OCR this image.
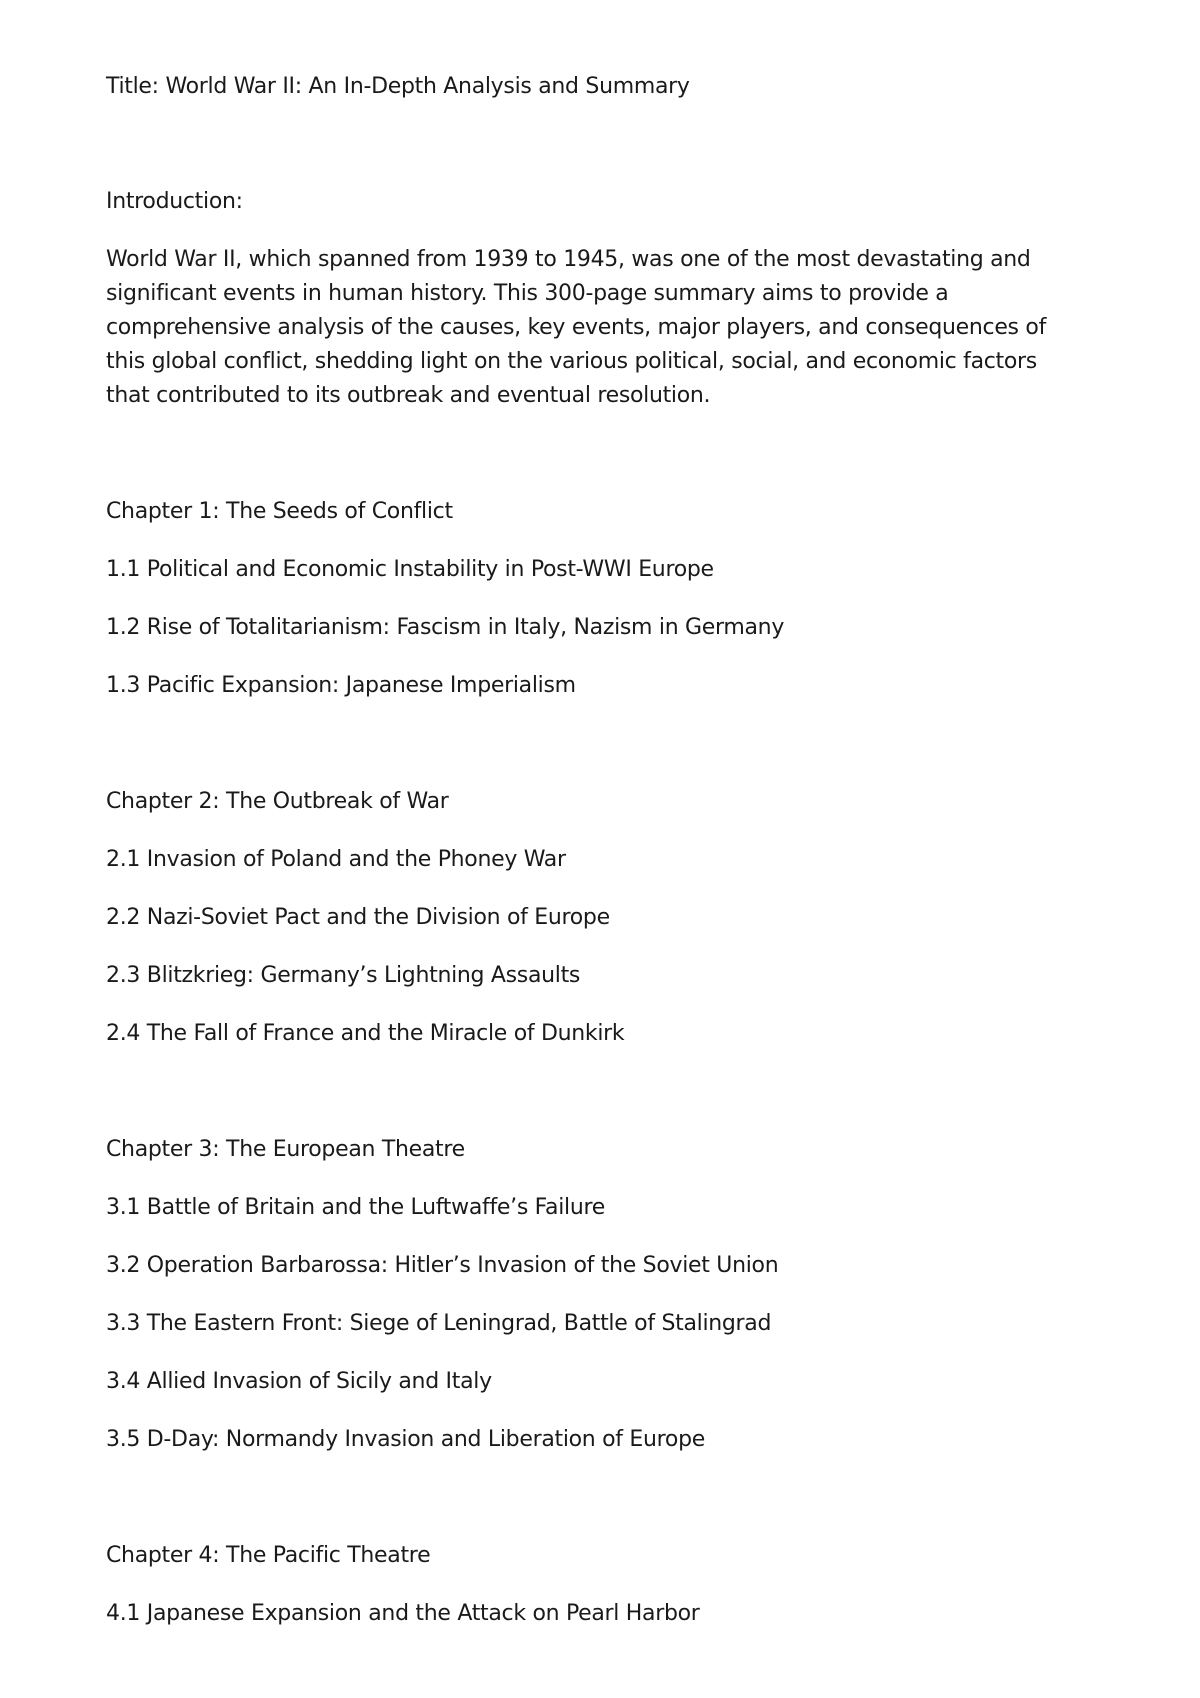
Title: World War II: An In-Depth Analysis and Summary

Introduction:

World War II, which spanned from 1939 to 1945, was one of the most devastating and
significant events in human history. This 300-page summary aims to provide a
comprehensive analysis of the causes, key events, major players, and consequences of
this global conflict, shedding light on the various political, social, and economic factors
that contributed to its outbreak and eventual resolution.

Chapter 1: The Seeds of Conflict

1.1 Political and Economic Instability in Post-WWI Europe

1.2 Rise of Totalitarianism: Fascism in Italy, Nazism in Germany

1.3 Pacific Expansion: Japanese Imperialism

Chapter 2: The Outbreak of War

2.1 Invasion of Poland and the Phoney War

2.2 Nazi-Soviet Pact and the Division of Europe

2.3 Blitzkrieg: Germany’s Lightning Assaults

2.4 The Fall of France and the Miracle of Dunkirk

Chapter 3: The European Theatre

3.1 Battle of Britain and the Luftwaffe’s Failure

3.2 Operation Barbarossa: Hitler’s Invasion of the Soviet Union

3.3 The Eastern Front: Siege of Leningrad, Battle of Stalingrad

3.4 Allied Invasion of Sicily and Italy

3.5 D-Day: Normandy Invasion and Liberation of Europe

Chapter 4: The Pacific Theatre

4.1 Japanese Expansion and the Attack on Pearl Harbor
